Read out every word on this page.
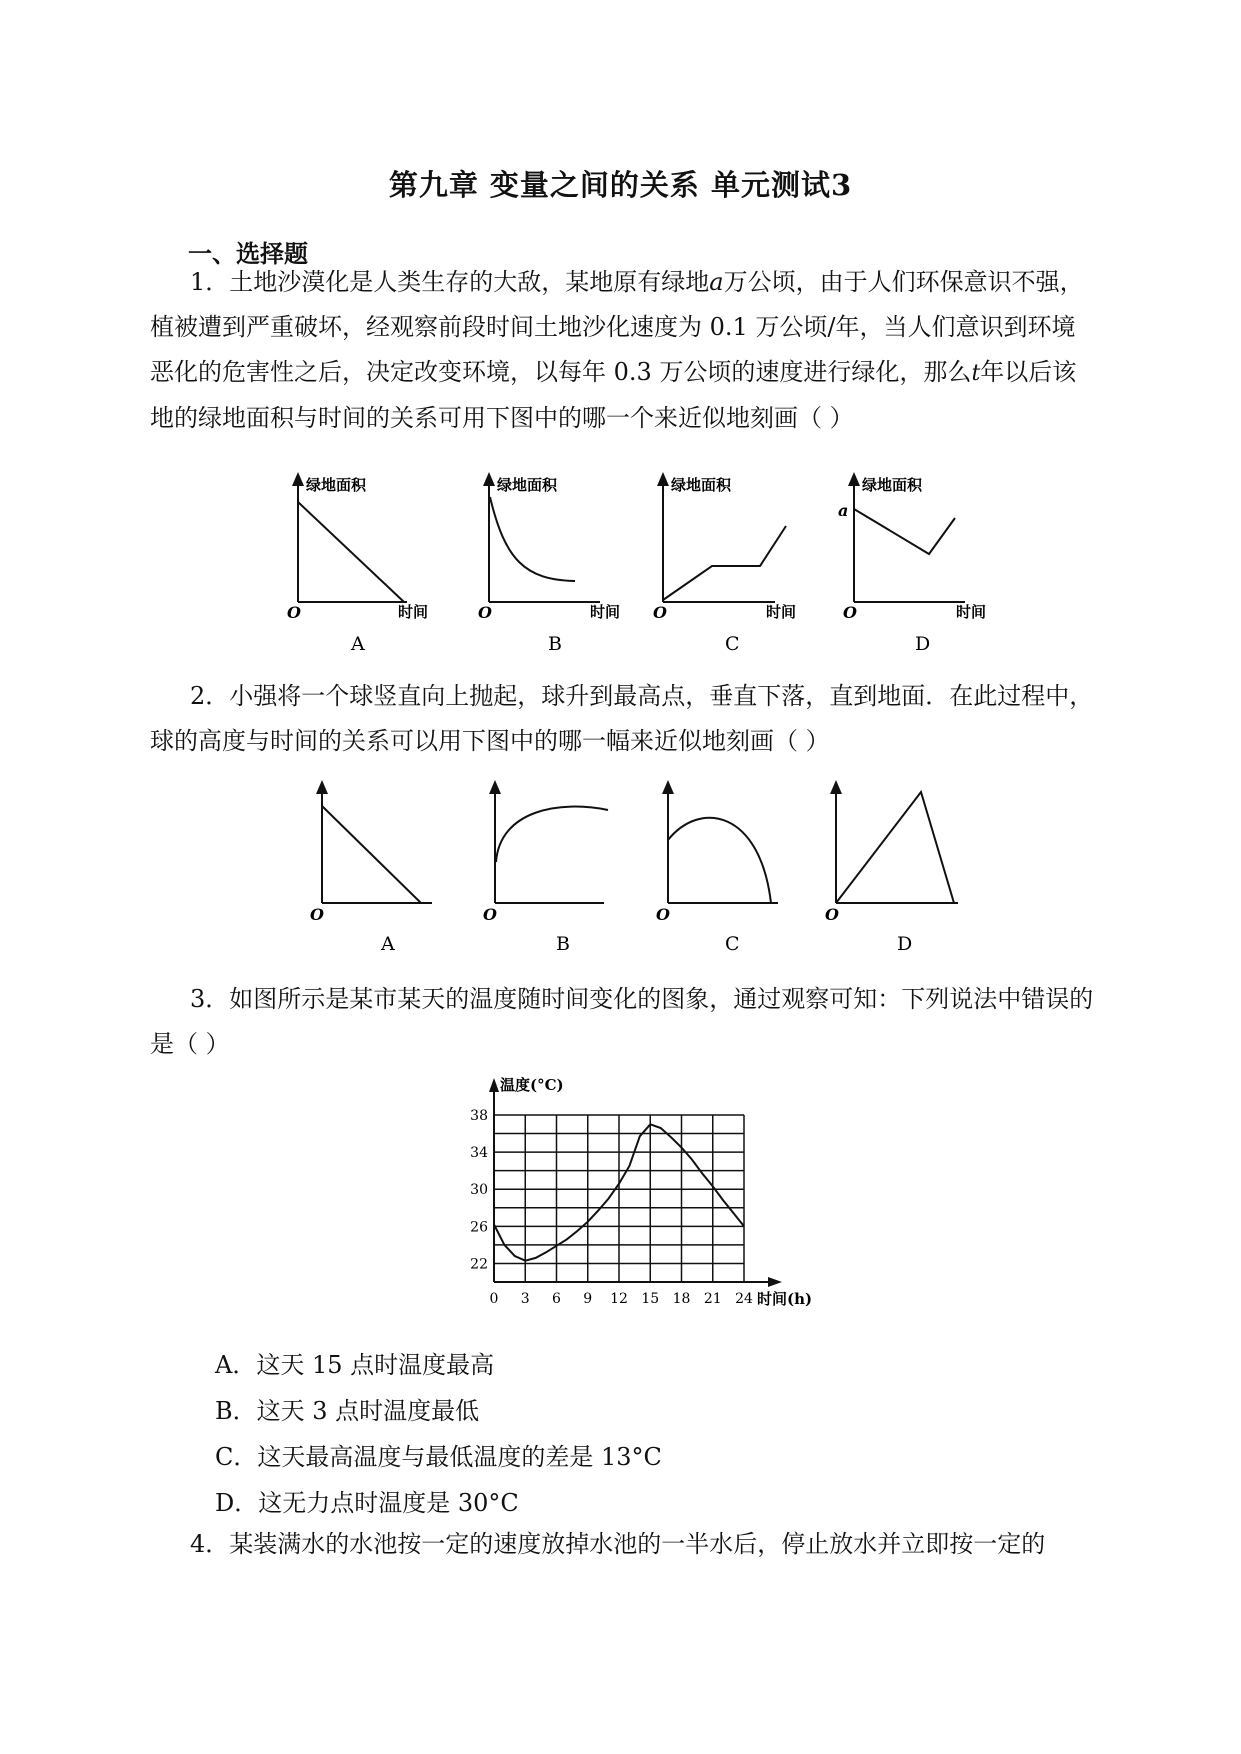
第九章 变量之间的关系 单元测试3
一、选择题

1．土地沙漠化是人类生存的大敌，某地原有绿地a万公顷，由于人们环保意识不强，植被遭到严重破坏，经观察前段时间土地沙化速度为 0.1 万公顷/年，当人们意识到环境恶化的危害性之后，决定改变环境，以每年 0.3 万公顷的速度进行绿化，那么t年以后该地的绿地面积与时间的关系可用下图中的哪一个来近似地刻画（ ）

绿地面积
时间
O
A
绿地面积
时间
O
B
绿地面积
时间
O
C
绿地面积
a
时间
O
D

2．小强将一个球竖直向上抛起，球升到最高点，垂直下落，直到地面．在此过程中，球的高度与时间的关系可以用下图中的哪一幅来近似地刻画（ ）

O
A
O
B
O
C
O
D

3．如图所示是某市某天的温度随时间变化的图象，通过观察可知：下列说法中错误的是（ ）

22
26
30
34
38
0 3 6 9 12 15 18 21 24
温度(°C)
时间(h)
A．这天 15 点时温度最高
B．这天 3 点时温度最低
C．这天最高温度与最低温度的差是 13°C
D．这无力点时温度是 30°C

4．某装满水的水池按一定的速度放掉水池的一半水后，停止放水并立即按一定的
